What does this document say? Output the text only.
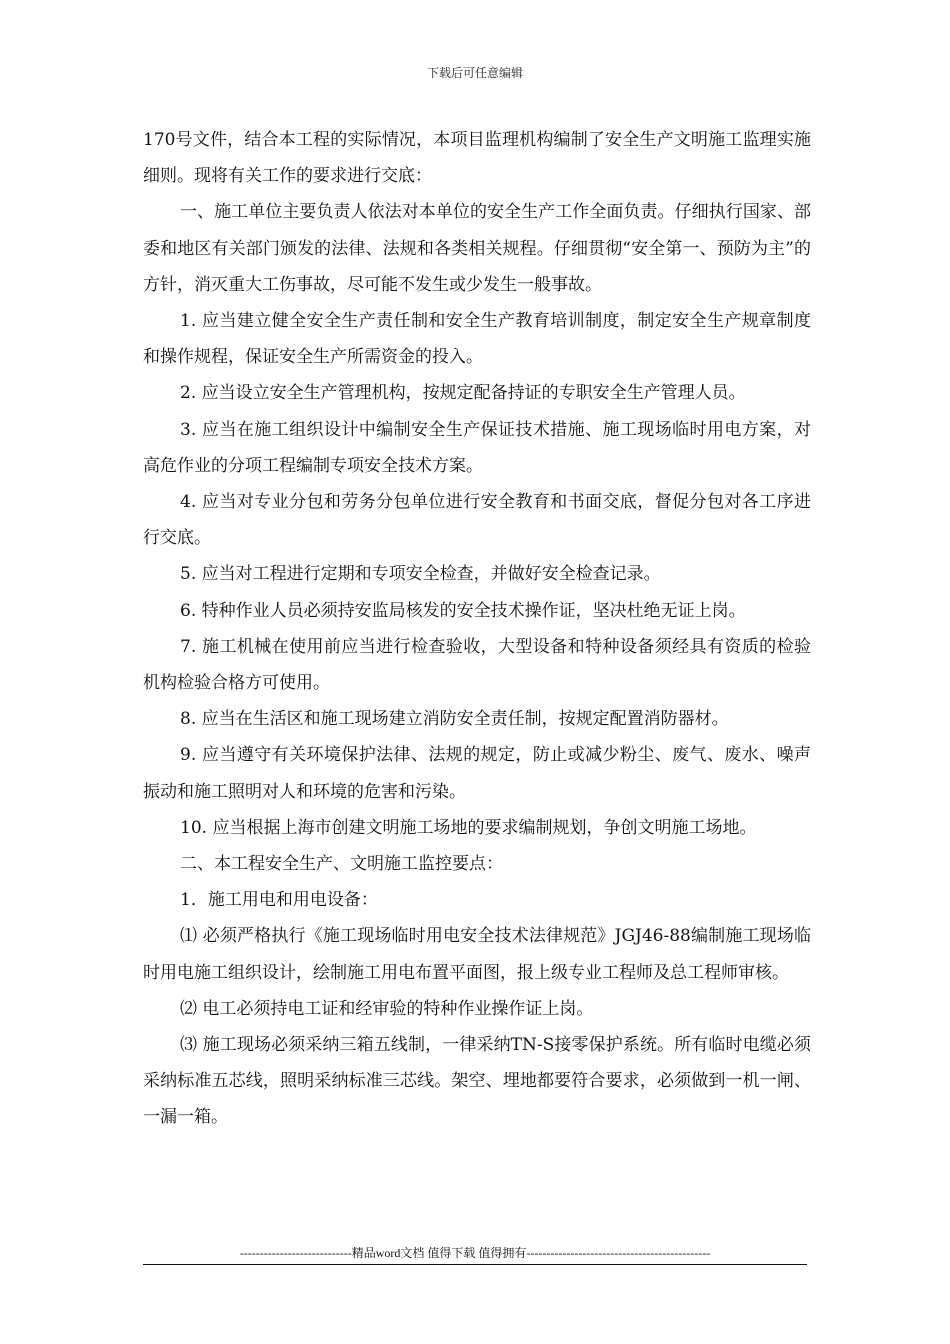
下载后可任意编辑

170号文件，结合本工程的实际情况，本项目监理机构编制了安全生产文明施工监理实施细则。现将有关工作的要求进行交底：

一、施工单位主要负责人依法对本单位的安全生产工作全面负责。仔细执行国家、部委和地区有关部门颁发的法律、法规和各类相关规程。仔细贯彻“安全第一、预防为主”的方针，消灭重大工伤事故，尽可能不发生或少发生一般事故。

1. 应当建立健全安全生产责任制和安全生产教育培训制度，制定安全生产规章制度和操作规程，保证安全生产所需资金的投入。

2. 应当设立安全生产管理机构，按规定配备持证的专职安全生产管理人员。

3. 应当在施工组织设计中编制安全生产保证技术措施、施工现场临时用电方案，对高危作业的分项工程编制专项安全技术方案。

4. 应当对专业分包和劳务分包单位进行安全教育和书面交底，督促分包对各工序进行交底。

5. 应当对工程进行定期和专项安全检查，并做好安全检查记录。

6. 特种作业人员必须持安监局核发的安全技术操作证，坚决杜绝无证上岗。

7. 施工机械在使用前应当进行检查验收，大型设备和特种设备须经具有资质的检验机构检验合格方可使用。

8. 应当在生活区和施工现场建立消防安全责任制，按规定配置消防器材。

9. 应当遵守有关环境保护法律、法规的规定，防止或减少粉尘、废气、废水、噪声振动和施工照明对人和环境的危害和污染。

10. 应当根据上海市创建文明施工场地的要求编制规划，争创文明施工场地。

二、本工程安全生产、文明施工监控要点：

1．施工用电和用电设备：

⑴ 必须严格执行《施工现场临时用电安全技术法律规范》JGJ46-88编制施工现场临时用电施工组织设计，绘制施工用电布置平面图，报上级专业工程师及总工程师审核。

⑵ 电工必须持电工证和经审验的特种作业操作证上岗。

⑶ 施工现场必须采纳三箱五线制，一律采纳TN-S接零保护系统。所有临时电缆必须采纳标准五芯线，照明采纳标准三芯线。架空、埋地都要符合要求，必须做到一机一闸、一漏一箱。

----------------------------精品word文档 值得下载 值得拥有----------------------------------------------
